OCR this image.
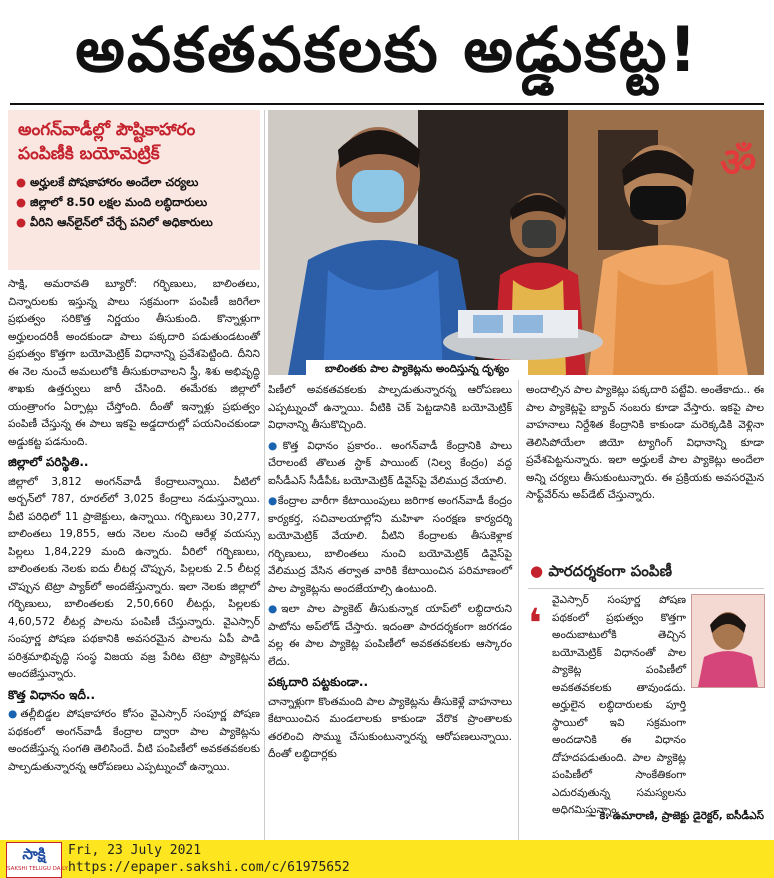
అవకతవకలకు అడ్డుకట్ట!
అంగన్‌వాడీల్లో పౌష్టికాహారం పంపిణీకి బయోమెట్రిక్
● అర్హులకే పోషకాహారం అందేలా చర్యలు
● జిల్లాలో 8.50 లక్షల మంది లబ్ధిదారులు
● వీరిని ఆన్‌లైన్‌లో చేర్చే పనిలో అధికారులు

సాక్షి, అమరావతి బ్యూరో: గర్భిణులు, బాలింతలు, చిన్నారులకు ఇస్తున్న పాలు సక్రమంగా పంపిణీ జరిగేలా ప్రభుత్వం సరికొత్త నిర్ణయం తీసుకుంది. కొన్నాళ్లుగా అర్హులందరికీ అందకుండా పాలు పక్కదారి పడుతుండటంతో ప్రభుత్వం కొత్తగా బయోమెట్రిక్ విధానాన్ని ప్రవేశపెట్టింది. దీనిని ఈ నెల నుంచే అమలులోకి తీసుకురావాలని స్త్రీ, శిశు అభివృద్ధి శాఖకు ఉత్తర్వులు జారీ చేసింది. ఈమేరకు జిల్లాలో యంత్రాంగం ఏర్పాట్లు చేస్తోంది. దీంతో ఇన్నాళ్లు ప్రభుత్వం పంపిణీ చేస్తున్న ఈ పాలు ఇకపై అడ్డదారుల్లో పయనించకుండా అడ్డుకట్ట పడనుంది.

జిల్లాలో పరిస్థితి..

జిల్లాలో 3,812 అంగన్‌వాడీ కేంద్రాలున్నాయి. వీటిలో అర్బన్‌లో 787, రూరల్‌లో 3,025 కేంద్రాలు నడుస్తున్నాయి. వీటి పరిధిలో 11 ప్రాజెక్టులు, ఉన్నాయి. గర్భిణులు 30,277, బాలింతలు 19,855, ఆరు నెలల నుంచి ఆరేళ్ల వయస్సు పిల్లలు 1,84,229 మంది ఉన్నారు. వీరిలో గర్భిణులు, బాలింతలకు నెలకు ఐదు లీటర్ల చొప్పున, పిల్లలకు 2.5 లీటర్ల చొప్పున టెట్రా ప్యాక్‌లో అందజేస్తున్నారు. ఇలా నెలకు జిల్లాలో గర్భిణులు, బాలింతలకు 2,50,660 లీటర్లు, పిల్లలకు 4,60,572 లీటర్ల పాలను పంపిణీ చేస్తున్నారు. వైఎస్సార్ సంపూర్ణ పోషణ పథకానికి అవసరమైన పాలను ఏపీ పాడి పరిశ్రమాభివృద్ధి సంస్థ విజయ వజ్ర పేరిట టెట్రా ప్యాకెట్లను అందజేస్తున్నారు.

కొత్త విధానం ఇదీ..

● తల్లీబిడ్డల పోషకాహారం కోసం వైఎస్సార్ సంపూర్ణ పోషణ పథకంలో అంగన్‌వాడీ కేంద్రాల ద్వారా పాల ప్యాకెట్లను అందజేస్తున్న సంగతి తెలిసిందే. వీటి పంపిణీలో అవకతవకలకు పాల్పడుతున్నారన్న ఆరోపణలు ఎప్పట్నుంచో ఉన్నాయి.

ॐ
బాలింతకు పాల ప్యాకెట్లను అందిస్తున్న దృశ్యం

పిణీలో అవకతవకలకు పాల్పడుతున్నారన్న ఆరోపణలు ఎప్పట్నుంచో ఉన్నాయి. వీటికి చెక్ పెట్టడానికి బయోమెట్రిక్ విధానాన్ని తీసుకొచ్చింది.

● కొత్త విధానం ప్రకారం.. అంగన్‌వాడీ కేంద్రానికి పాలు చేరాలంటే తొలుత స్టాక్ పాయింట్ (నిల్వ కేంద్రం) వద్ద ఐసీడీఎస్ సీడీపీఓ బయోమెట్రిక్ డివైస్‌పై వేలిముద్ర వేయాలి.

● కేంద్రాల వారీగా కేటాయింపులు జరిగాక అంగన్‌వాడీ కేంద్రం కార్యకర్త, సచివాలయాల్లోని మహిళా సంరక్షణ కార్యదర్శి బయోమెట్రిక్ వేయాలి. వీటిని కేంద్రాలకు తీసుకెళ్లాక గర్భిణులు, బాలింతలు నుంచి బయోమెట్రిక్ డివైస్‌పై వేలిముద్ర వేసిన తర్వాత వారికి కేటాయించిన పరిమాణంలో పాల ప్యాకెట్లను అందజేయాల్సి ఉంటుంది.

● ఇలా పాల ప్యాకెట్ తీసుకున్నాక యాప్‌లో లబ్ధిదారుని పాటోను అప్‌లోడ్ చేస్తారు. ఇదంతా పారదర్శకంగా జరగడం వల్ల ఈ పాల ప్యాకెట్ల పంపిణీలో అవకతవకలకు ఆస్కారం లేదు.

పక్కదారి పట్టకుండా..

చాన్నాళ్లుగా కొంతమంది పాల ప్యాకెట్లను తీసుకెళ్లే వాహనాలు కేటాయించిన మండలాలకు కాకుండా వేరొక ప్రాంతాలకు తరలించి సొమ్ము చేసుకుంటున్నారన్న ఆరోపణలున్నాయి. దీంతో లబ్ధిదార్లకు

అందాల్సిన పాల ప్యాకెట్లు పక్కదారి పట్టేవి. అంతేకాదు.. ఈ పాల ప్యాకెట్లపై బ్యాచ్ నంబరు కూడా వేస్తారు. ఇకపై పాల వాహనాలు నిర్దేశిత కేంద్రానికి కాకుండా మరెక్కడికి వెళ్లినా తెలిసిపోయేలా జియో ట్యాగింగ్ విధానాన్ని కూడా ప్రవేశపెట్టనున్నారు. ఇలా అర్హులకే పాల ప్యాకెట్లు అందేలా అన్ని చర్యలు తీసుకుంటున్నారు. ఈ ప్రక్రియకు అవసరమైన సాఫ్ట్‌వేర్‌ను అప్‌డేట్ చేస్తున్నారు.

● పారదర్శకంగా పంపిణీ
❛

వైఎస్సార్ సంపూర్ణ పోషణ పథకంలో ప్రభుత్వం కొత్తగా అందుబాటులోకి తెచ్చిన బయోమెట్రిక్ విధానంతో పాల ప్యాకెట్ల పంపిణీలో అవకతవకలకు తావుండదు. అర్హులైన లబ్ధిదారులకు పూర్తి స్థాయిలో ఇవి సక్రమంగా అందడానికి ఈ విధానం దోహదపడుతుంది. పాల ప్యాకెట్ల పంపిణీలో సాంకేతికంగా ఎదురవుతున్న సమస్యలను అధిగమిస్తున్నాం.

– కె. ఉమారాణి, ప్రాజెక్టు డైరెక్టర్, ఐసీడీఎస్
సాక్షి
SAKSHI TELUGU DAILY
Fri, 23 July 2021
https://epaper.sakshi.com/c/61975652
